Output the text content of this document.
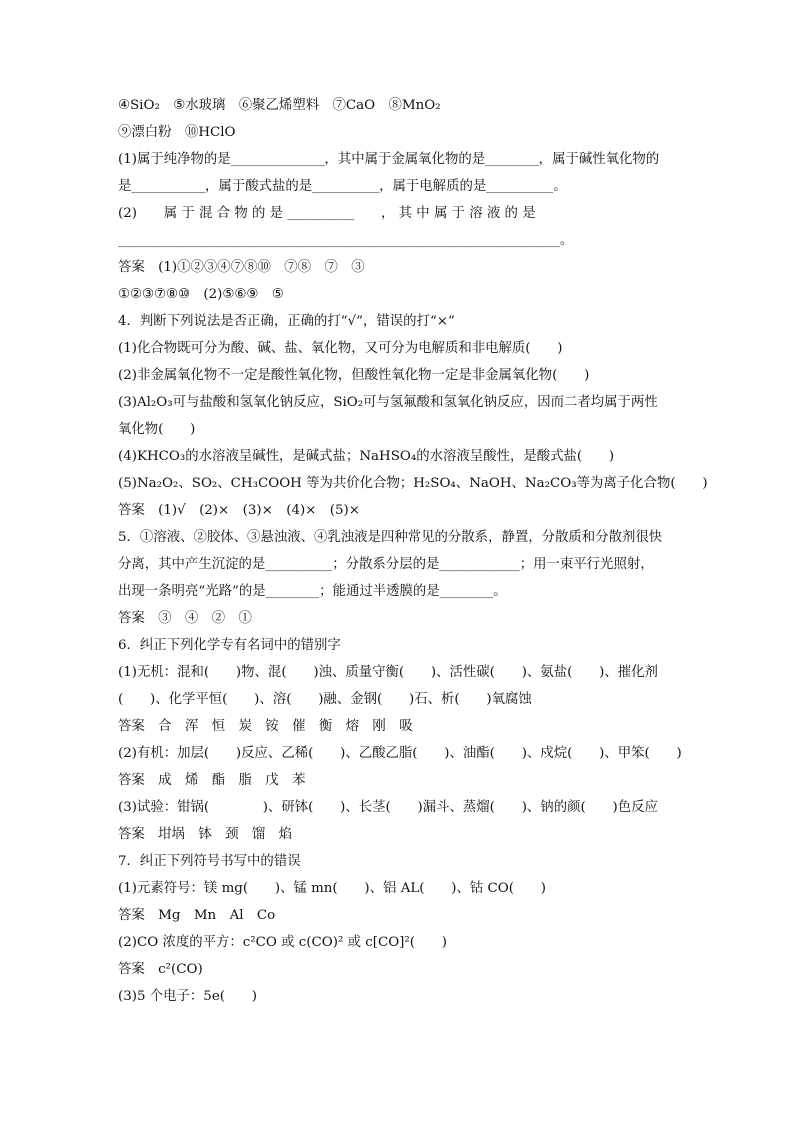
④SiO₂　⑤水玻璃　⑥聚乙烯塑料　⑦CaO　⑧MnO₂
⑨漂白粉　⑩HClO
(1)属于纯净物的是______________，其中属于金属氧化物的是________，属于碱性氧化物的
是___________，属于酸式盐的是__________，属于电解质的是__________。
(2)　　属 于 混 合 物 的 是 __________　　， 其 中 属 于 溶 液 的 是
__________________________________________________________________。
答案　(1)①②③④⑦⑧⑩　⑦⑧　⑦　③
①②③⑦⑧⑩　(2)⑤⑥⑨　⑤
4．判断下列说法是否正确，正确的打“√”，错误的打“×”
(1)化合物既可分为酸、碱、盐、氧化物，又可分为电解质和非电解质(　　)
(2)非金属氧化物不一定是酸性氧化物，但酸性氧化物一定是非金属氧化物(　　)
(3)Al₂O₃可与盐酸和氢氧化钠反应，SiO₂可与氢氟酸和氢氧化钠反应，因而二者均属于两性
氧化物(　　)
(4)KHCO₃的水溶液呈碱性，是碱式盐；NaHSO₄的水溶液呈酸性，是酸式盐(　　)
(5)Na₂O₂、SO₂、CH₃COOH 等为共价化合物；H₂SO₄、NaOH、Na₂CO₃等为离子化合物(　　)
答案　(1)√　(2)×　(3)×　(4)×　(5)×
5．①溶液、②胶体、③悬浊液、④乳浊液是四种常见的分散系，静置，分散质和分散剂很快
分离，其中产生沉淀的是__________；分散系分层的是____________；用一束平行光照射，
出现一条明亮“光路”的是________；能通过半透膜的是________。
答案　③　④　②　①
6．纠正下列化学专有名词中的错别字
(1)无机：混和(　　)物、混(　　)浊、质量守衡(　　)、活性碳(　　)、氨盐(　　)、摧化剂
(　　)、化学平恒(　　)、溶(　　)融、金钢(　　)石、析(　　)氧腐蚀
答案　合　浑　恒　炭　铵　催　衡　熔　刚　吸
(2)有机：加层(　　)反应、乙稀(　　)、乙酸乙脂(　　)、油酯(　　)、戍烷(　　)、甲笨(　　)
答案　成　烯　酯　脂　戊　苯
(3)试验：钳锅(　　　　)、研钵(　　)、长茎(　　)漏斗、蒸熘(　　)、钠的颜(　　)色反应
答案　坩埚　钵　颈　馏　焰
7．纠正下列符号书写中的错误
(1)元素符号：镁 mg(　　)、锰 mn(　　)、铝 AL(　　)、钴 CO(　　)
答案　Mg　Mn　Al　Co
(2)CO 浓度的平方：c²CO 或 c(CO)² 或 c[CO]²(　　)
答案　c²(CO)
(3)5 个电子：5e(　　)
